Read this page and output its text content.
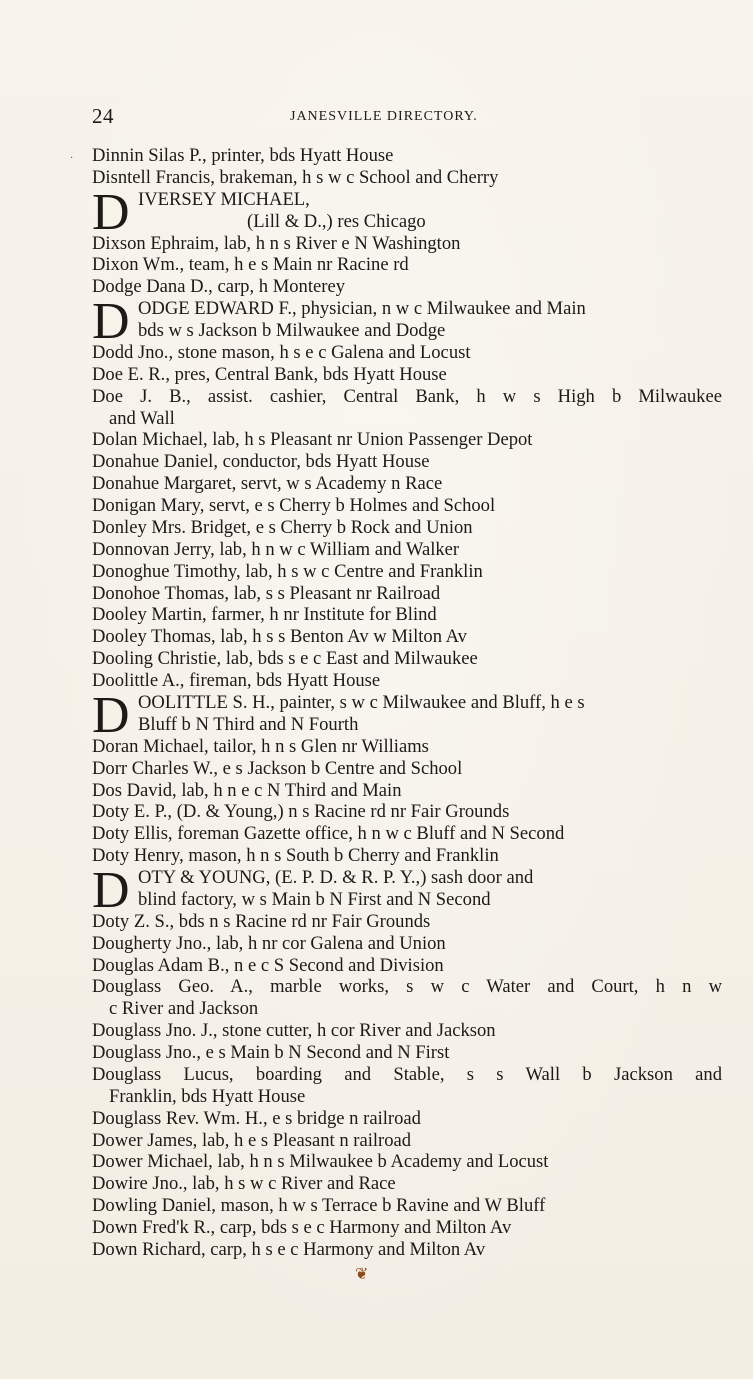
·
24	JANESVILLE DIRECTORY.
Dinnin Silas P., printer, bds Hyatt House
Disntell Francis, brakeman, h s w c School and Cherry
D IVERSEY MICHAEL,
(Lill & D.,) res Chicago
Dixson Ephraim, lab, h n s River e N Washington
Dixon Wm., team, h e s Main nr Racine rd
Dodge Dana D., carp, h Monterey
D ODGE EDWARD F., physician, n w c Milwaukee and Main
bds w s Jackson b Milwaukee and Dodge
Dodd Jno., stone mason, h s e c Galena and Locust
Doe E. R., pres, Central Bank, bds Hyatt House
Doe J. B., assist. cashier, Central Bank, h w s High b Milwaukee
and Wall
Dolan Michael, lab, h s Pleasant nr Union Passenger Depot
Donahue Daniel, conductor, bds Hyatt House
Donahue Margaret, servt, w s Academy n Race
Donigan Mary, servt, e s Cherry b Holmes and School
Donley Mrs. Bridget, e s Cherry b Rock and Union
Donnovan Jerry, lab, h n w c William and Walker
Donoghue Timothy, lab, h s w c Centre and Franklin
Donohoe Thomas, lab, s s Pleasant nr Railroad
Dooley Martin, farmer, h nr Institute for Blind
Dooley Thomas, lab, h s s Benton Av w Milton Av
Dooling Christie, lab, bds s e c East and Milwaukee
Doolittle A., fireman, bds Hyatt House
D OOLITTLE S. H., painter, s w c Milwaukee and Bluff, h e s
Bluff b N Third and N Fourth
Doran Michael, tailor, h n s Glen nr Williams
Dorr Charles W., e s Jackson b Centre and School
Dos David, lab, h n e c N Third and Main
Doty E. P., (D. & Young,) n s Racine rd nr Fair Grounds
Doty Ellis, foreman Gazette office, h n w c Bluff and N Second
Doty Henry, mason, h n s South b Cherry and Franklin
D OTY & YOUNG, (E. P. D. & R. P. Y.,) sash door and
blind factory, w s Main b N First and N Second
Doty Z. S., bds n s Racine rd nr Fair Grounds
Dougherty Jno., lab, h nr cor Galena and Union
Douglas Adam B., n e c S Second and Division
Douglass Geo. A., marble works, s w c Water and Court, h n w
c River and Jackson
Douglass Jno. J., stone cutter, h cor River and Jackson
Douglass Jno., e s Main b N Second and N First
Douglass Lucus, boarding and Stable, s s Wall b Jackson and
Franklin, bds Hyatt House
Douglass Rev. Wm. H., e s bridge n railroad
Dower James, lab, h e s Pleasant n railroad
Dower Michael, lab, h n s Milwaukee b Academy and Locust
Dowire Jno., lab, h s w c River and Race
Dowling Daniel, mason, h w s Terrace b Ravine and W Bluff
Down Fred'k R., carp, bds s e c Harmony and Milton Av
Down Richard, carp, h s e c Harmony and Milton Av
❦
